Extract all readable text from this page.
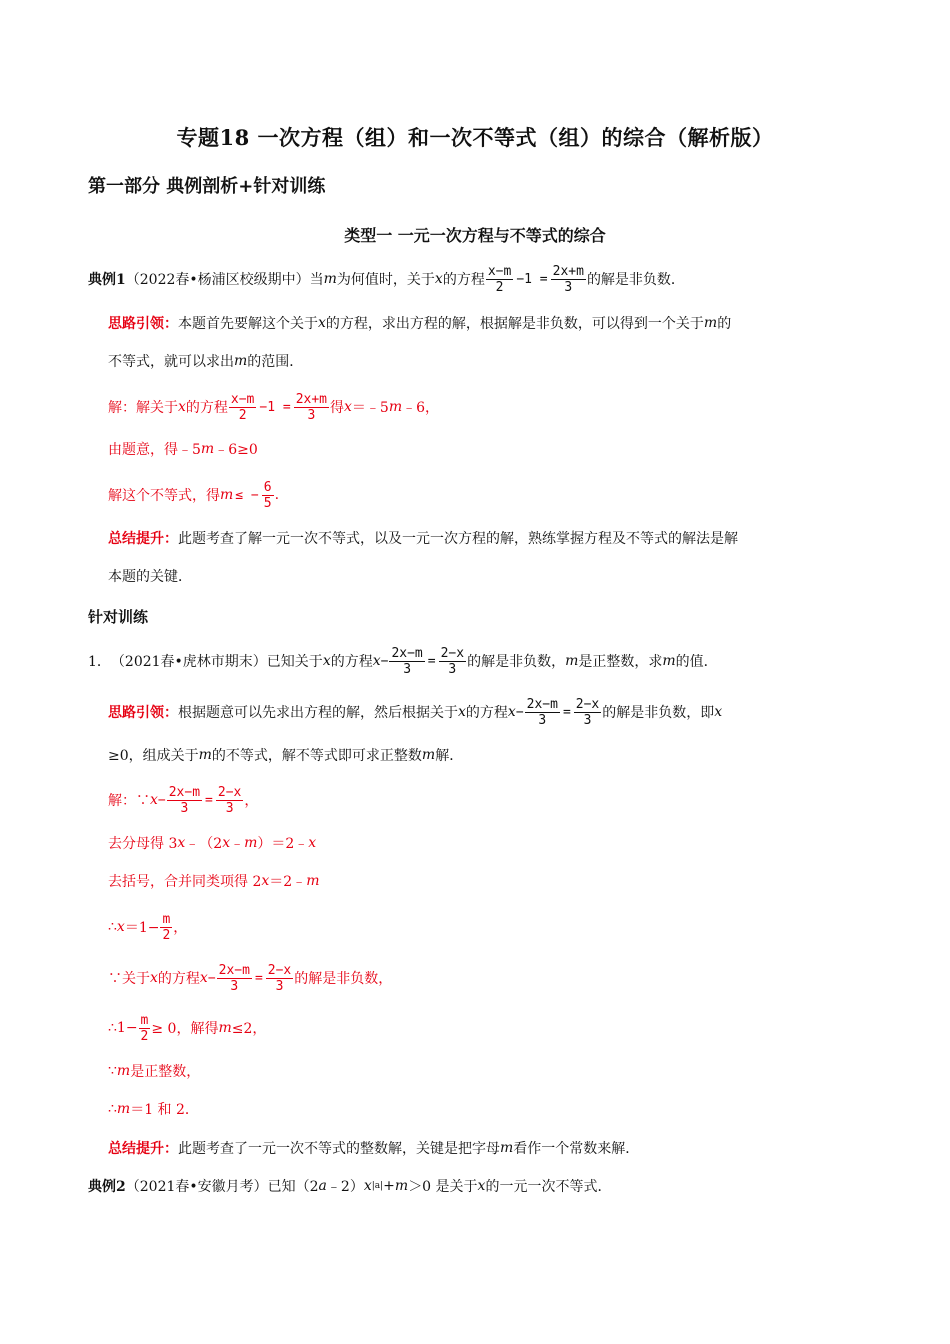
专题18 一次方程（组）和一次不等式（组）的综合（解析版）
第一部分 典例剖析+针对训练
类型一 一元一次方程与不等式的综合
典例1 （2022春•杨浦区校级期中）当 m 为何值时，关于 x 的方程 $\frac{x-m}{2} -1 = \frac{2x+m}{3}$ 的解是非负数．
思路引领： 本题首先要解这个关于 x 的方程，求出方程的解，根据解是非负数，可以得到一个关于 m 的
不等式，就可以求出 m 的范围．
解：解关于 x 的方程 $\frac{x-m}{2} -1 = \frac{2x+m}{3}$ 得 x ＝﹣5 m ﹣6，
由题意，得﹣5 m ﹣6≥0
解这个不等式，得 m ≤ − $\frac{6}{5}$ .
总结提升： 此题考查了解一元一次不等式，以及一元一次方程的解，熟练掌握方程及不等式的解法是解
本题的关键．
针对训练
1． （2021春•虎林市期末）已知关于 x 的方程 $x - \frac{2x-m}{3} = \frac{2-x}{3}$ 的解是非负数， m 是正整数，求 m 的值．
思路引领： 根据题意可以先求出方程的解，然后根据关于 x 的方程 $x - \frac{2x-m}{3} = \frac{2-x}{3}$ 的解是非负数，即 x
≥0，组成关于 m 的不等式，解不等式即可求正整数 m 解．
解：∵ $x - \frac{2x-m}{3} = \frac{2-x}{3}$ ，
去分母得 3 x ﹣（2 x ﹣ m ）＝2﹣ x
去括号，合并同类项得 2 x ＝2﹣ m
∴ $x =1- \frac{m}{2}$ ，
∵关于 x 的方程 $x - \frac{2x-m}{3} = \frac{2-x}{3}$ 的解是非负数，
∴1− $\frac{m}{2} \ge 0$，解得 m ≤2，
∵ m 是正整数，
∴ m ＝1 和 2．
总结提升： 此题考查了一元一次不等式的整数解，关键是把字母 m 看作一个常数来解．
典例2 （2021春•安徽月考）已知（2 a ﹣2） x |a| + m ＞0 是关于 x 的一元一次不等式．
